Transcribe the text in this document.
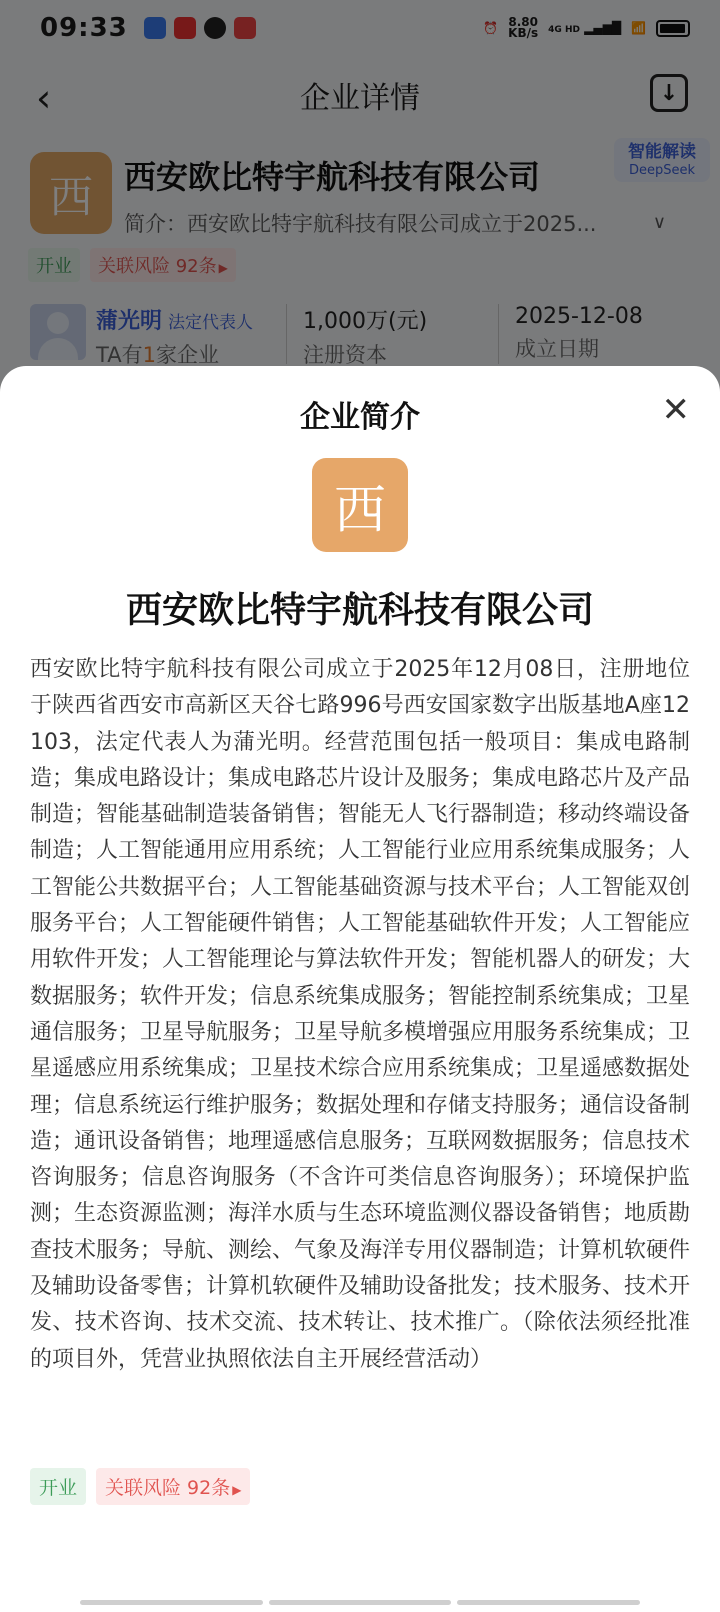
企业简介	✕
西
西安欧比特宇航科技有限公司
西安欧比特宇航科技有限公司成立于2025年12月08日，注册地位于陕西省西安市高新区天谷七路996号西安国家数字出版基地A座12103，法定代表人为蒲光明。经营范围包括一般项目：集成电路制造；集成电路设计；集成电路芯片设计及服务；集成电路芯片及产品制造；智能基础制造装备销售；智能无人飞行器制造；移动终端设备制造；人工智能通用应用系统；人工智能行业应用系统集成服务；人工智能公共数据平台；人工智能基础资源与技术平台；人工智能双创服务平台；人工智能硬件销售；人工智能基础软件开发；人工智能应用软件开发；人工智能理论与算法软件开发；智能机器人的研发；大数据服务；软件开发；信息系统集成服务；智能控制系统集成；卫星通信服务；卫星导航服务；卫星导航多模增强应用服务系统集成；卫星遥感应用系统集成；卫星技术综合应用系统集成；卫星遥感数据处理；信息系统运行维护服务；数据处理和存储支持服务；通信设备制造；通讯设备销售；地理遥感信息服务；互联网数据服务；信息技术咨询服务；信息咨询服务（不含许可类信息咨询服务）；环境保护监测；生态资源监测；海洋水质与生态环境监测仪器设备销售；地质勘查技术服务；导航、测绘、气象及海洋专用仪器制造；计算机软硬件及辅助设备零售；计算机软硬件及辅助设备批发；技术服务、技术开发、技术咨询、技术交流、技术转让、技术推广。（除依法须经批准的项目外，凭营业执照依法自主开展经营活动）
开业	关联风险 92条 ▶
